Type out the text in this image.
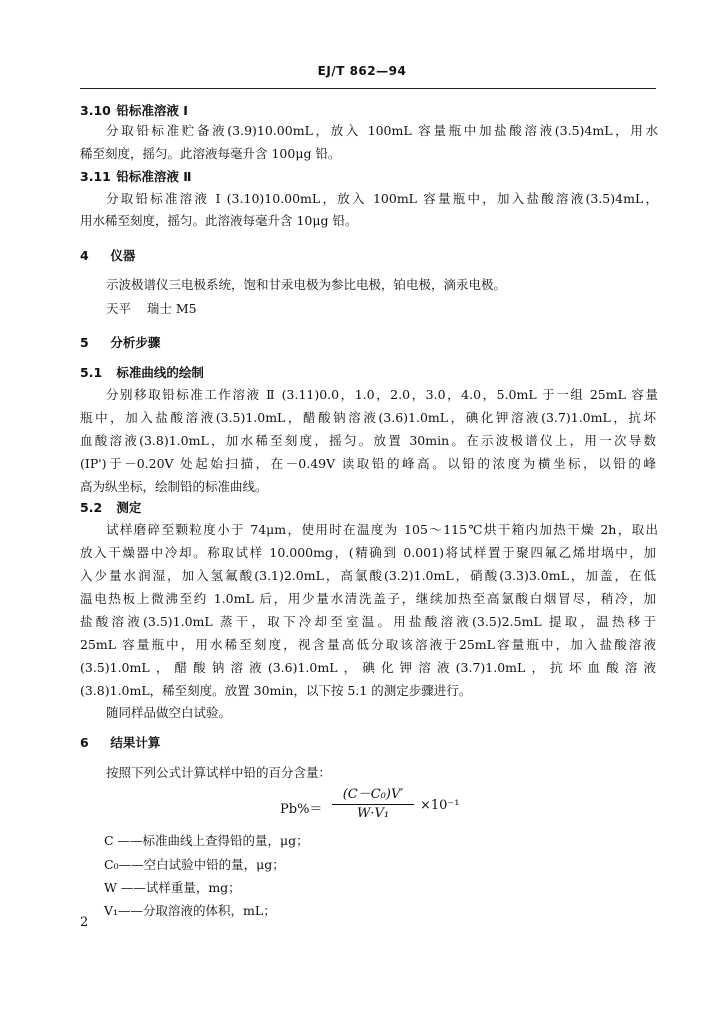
EJ/T 862—94
3.10 铅标准溶液 I
分取铅标准贮备液(3.9)10.00mL，放入 100mL 容量瓶中加盐酸溶液(3.5)4mL，用水
稀至刻度，摇匀。此溶液每毫升含 100μg 铅。
3.11 铅标准溶液 Ⅱ
分取铅标准溶液 I (3.10)10.00mL，放入 100mL 容量瓶中，加入盐酸溶液(3.5)4mL，
用水稀至刻度，摇匀。此溶液每毫升含 10μg 铅。
4 仪器
示波极谱仪三电极系统，饱和甘汞电极为参比电极，铂电极，滴汞电极。
天平    瑞士 M5
5 分析步骤
5.1 标准曲线的绘制
分别移取铅标准工作溶液 Ⅱ (3.11)0.0，1.0，2.0，3.0，4.0，5.0mL 于一组 25mL 容量
瓶中，加入盐酸溶液(3.5)1.0mL，醋酸钠溶液(3.6)1.0mL，碘化钾溶液(3.7)1.0mL，抗坏
血酸溶液(3.8)1.0mL，加水稀至刻度，摇匀。放置 30min。在示波极谱仪上，用一次导数
(IP')于－0.20V 处起始扫描，在－0.49V 读取铅的峰高。以铅的浓度为横坐标，以铅的峰
高为纵坐标，绘制铅的标准曲线。
5.2 测定
试样磨碎至颗粒度小于 74μm，使用时在温度为 105～115℃烘干箱内加热干燥 2h，取出
放入干燥器中冷却。称取试样 10.000mg，(精确到 0.001)将试样置于聚四氟乙烯坩埚中，加
入少量水润湿，加入氢氟酸(3.1)2.0mL，高氯酸(3.2)1.0mL，硝酸(3.3)3.0mL，加盖，在低
温电热板上微沸至约 1.0mL 后，用少量水清洗盖子，继续加热至高氯酸白烟冒尽，稍冷，加
盐酸溶液(3.5)1.0mL 蒸干，取下冷却至室温。用盐酸溶液(3.5)2.5mL 提取，温热移于
25mL 容量瓶中，用水稀至刻度，视含量高低分取该溶液于25mL容量瓶中，加入盐酸溶液
(3.5)1.0mL，醋酸钠溶液(3.6)1.0mL，碘化钾溶液(3.7)1.0mL，抗坏血酸溶液
(3.8)1.0mL，稀至刻度。放置 30min，以下按 5.1 的测定步骤进行。
随同样品做空白试验。
6 结果计算
按照下列公式计算试样中铅的百分含量：
Pb%＝
(C－C₀)V′
W·V₁
×10⁻¹
C ——标准曲线上查得铅的量，μg；
C₀——空白试验中铅的量，μg；
W ——试样重量，mg；
V₁——分取溶液的体积，mL；
2
